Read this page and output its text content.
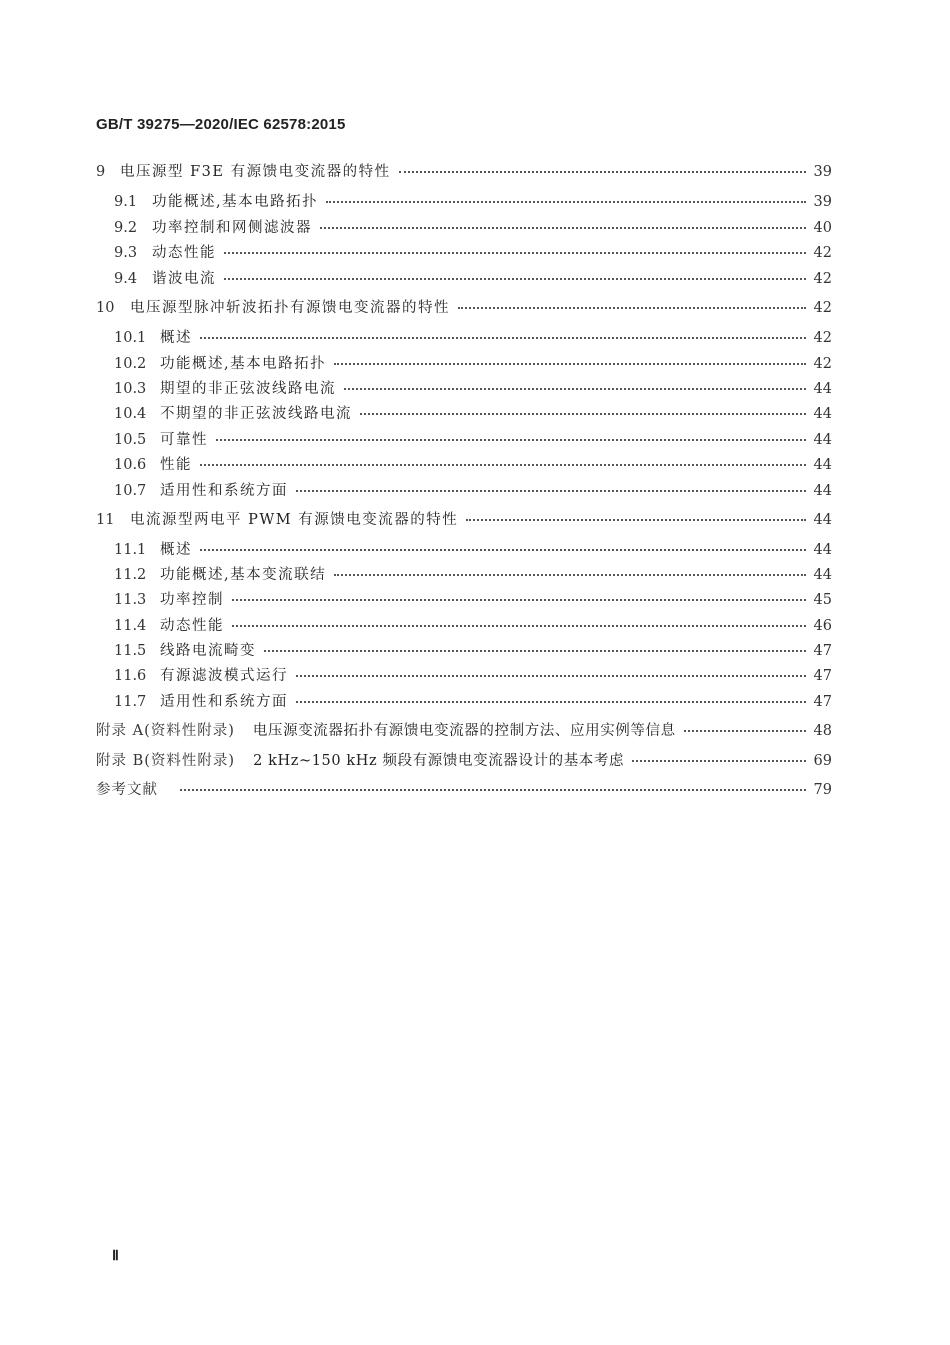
GB/T 39275—2020/IEC 62578:2015
9	电压源型 F3E 有源馈电变流器的特性	39
9.1	功能概述,基本电路拓扑	39
9.2	功率控制和网侧滤波器	40
9.3	动态性能	42
9.4	谐波电流	42
10	电压源型脉冲斩波拓扑有源馈电变流器的特性	42
10.1 概述	42
10.2 功能概述,基本电路拓扑	42
10.3 期望的非正弦波线路电流	44
10.4 不期望的非正弦波线路电流	44
10.5 可靠性	44
10.6 性能	44
10.7 适用性和系统方面	44
11	电流源型两电平 PWM 有源馈电变流器的特性	44
11.1 概述	44
11.2 功能概述,基本变流联结	44
11.3 功率控制	45
11.4 动态性能	46
11.5 线路电流畸变	47
11.6 有源滤波模式运行	47
11.7 适用性和系统方面	47
附录 A(资料性附录)	电压源变流器拓扑有源馈电变流器的控制方法、应用实例等信息	48
附录 B(资料性附录)	2 kHz~150 kHz 频段有源馈电变流器设计的基本考虑	69
参考文献	79
Ⅱ
